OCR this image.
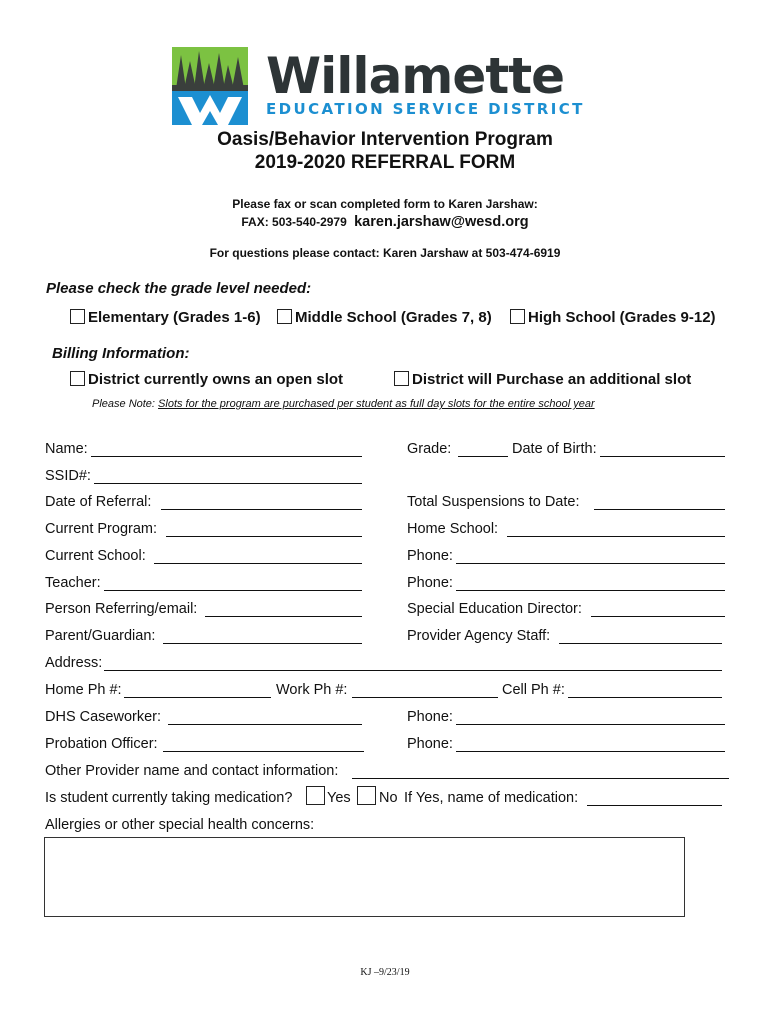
Willamette
EDUCATION SERVICE DISTRICT
Oasis/Behavior Intervention Program
2019-2020 REFERRAL FORM
Please fax or scan completed form to Karen Jarshaw:
FAX: 503-540-2979 karen.jarshaw@wesd.org
For questions please contact: Karen Jarshaw at 503-474-6919
Please check the grade level needed:
Elementary (Grades 1-6)	Middle School (Grades 7, 8)	High School (Grades 9-12)
Billing Information:
District currently owns an open slot	District will Purchase an additional slot
Please Note: Slots for the program are purchased per student as full day slots for the entire school year
Name:	Grade:	Date of Birth:
SSID#:
Date of Referral:	Total Suspensions to Date:
Current Program:	Home School:
Current School:	Phone:
Teacher:	Phone:
Person Referring/email:	Special Education Director:
Parent/Guardian:	Provider Agency Staff:
Address:
Home Ph #:	Work Ph #:	Cell Ph #:
DHS Caseworker:	Phone:
Probation Officer:	Phone:
Other Provider name and contact information:
Is student currently taking medication? Yes No If Yes, name of medication:
Allergies or other special health concerns:
KJ –9/23/19
